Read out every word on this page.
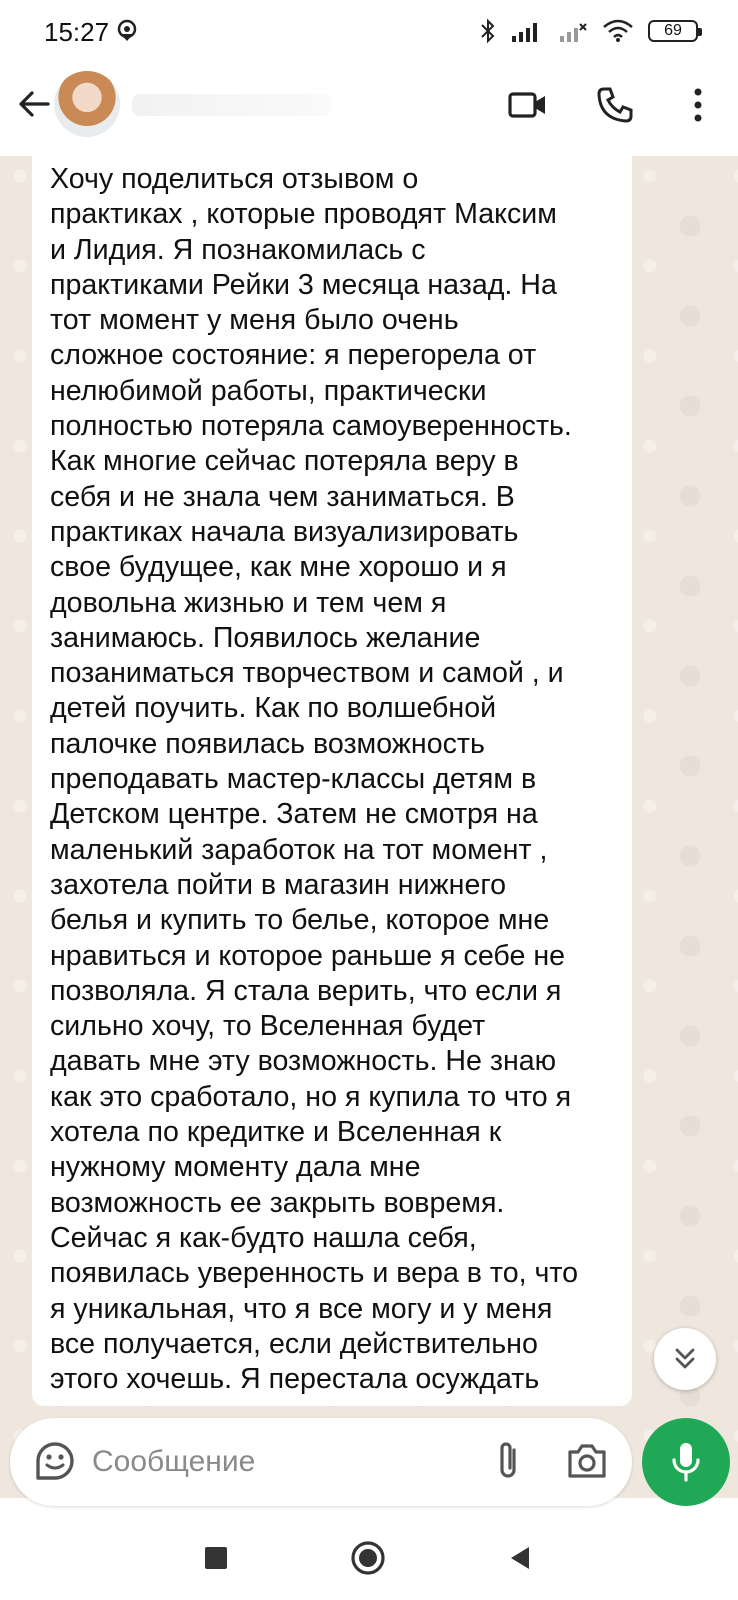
15:27	69
Хочу поделиться отзывом о
практиках , которые проводят Максим
и Лидия. Я познакомилась с
практиками Рейки 3 месяца назад. На
тот момент у меня было очень
сложное состояние: я перегорела от
нелюбимой работы, практически
полностью потеряла самоуверенность.
Как многие сейчас потеряла веру в
себя и не знала чем заниматься. В
практиках начала визуализировать
свое будущее, как мне хорошо и я
довольна жизнью и тем чем я
занимаюсь. Появилось желание
позаниматься творчеством и самой , и
детей поучить. Как по волшебной
палочке появилась возможность
преподавать мастер-классы детям в
Детском центре. Затем не смотря на
маленький заработок на тот момент ,
захотела пойти в магазин нижнего
белья и купить то белье, которое мне
нравиться и которое раньше я себе не
позволяла. Я стала верить, что если я
сильно хочу, то Вселенная будет
давать мне эту возможность. Не знаю
как это сработало, но я купила то что я
хотела по кредитке и Вселенная к
нужному моменту дала мне
возможность ее закрыть вовремя.
Сейчас я как-будто нашла себя,
появилась уверенность и вера в то, что
я уникальная, что я все могу и у меня
все получается, если действительно
этого хочешь. Я перестала осуждать
Сообщение
